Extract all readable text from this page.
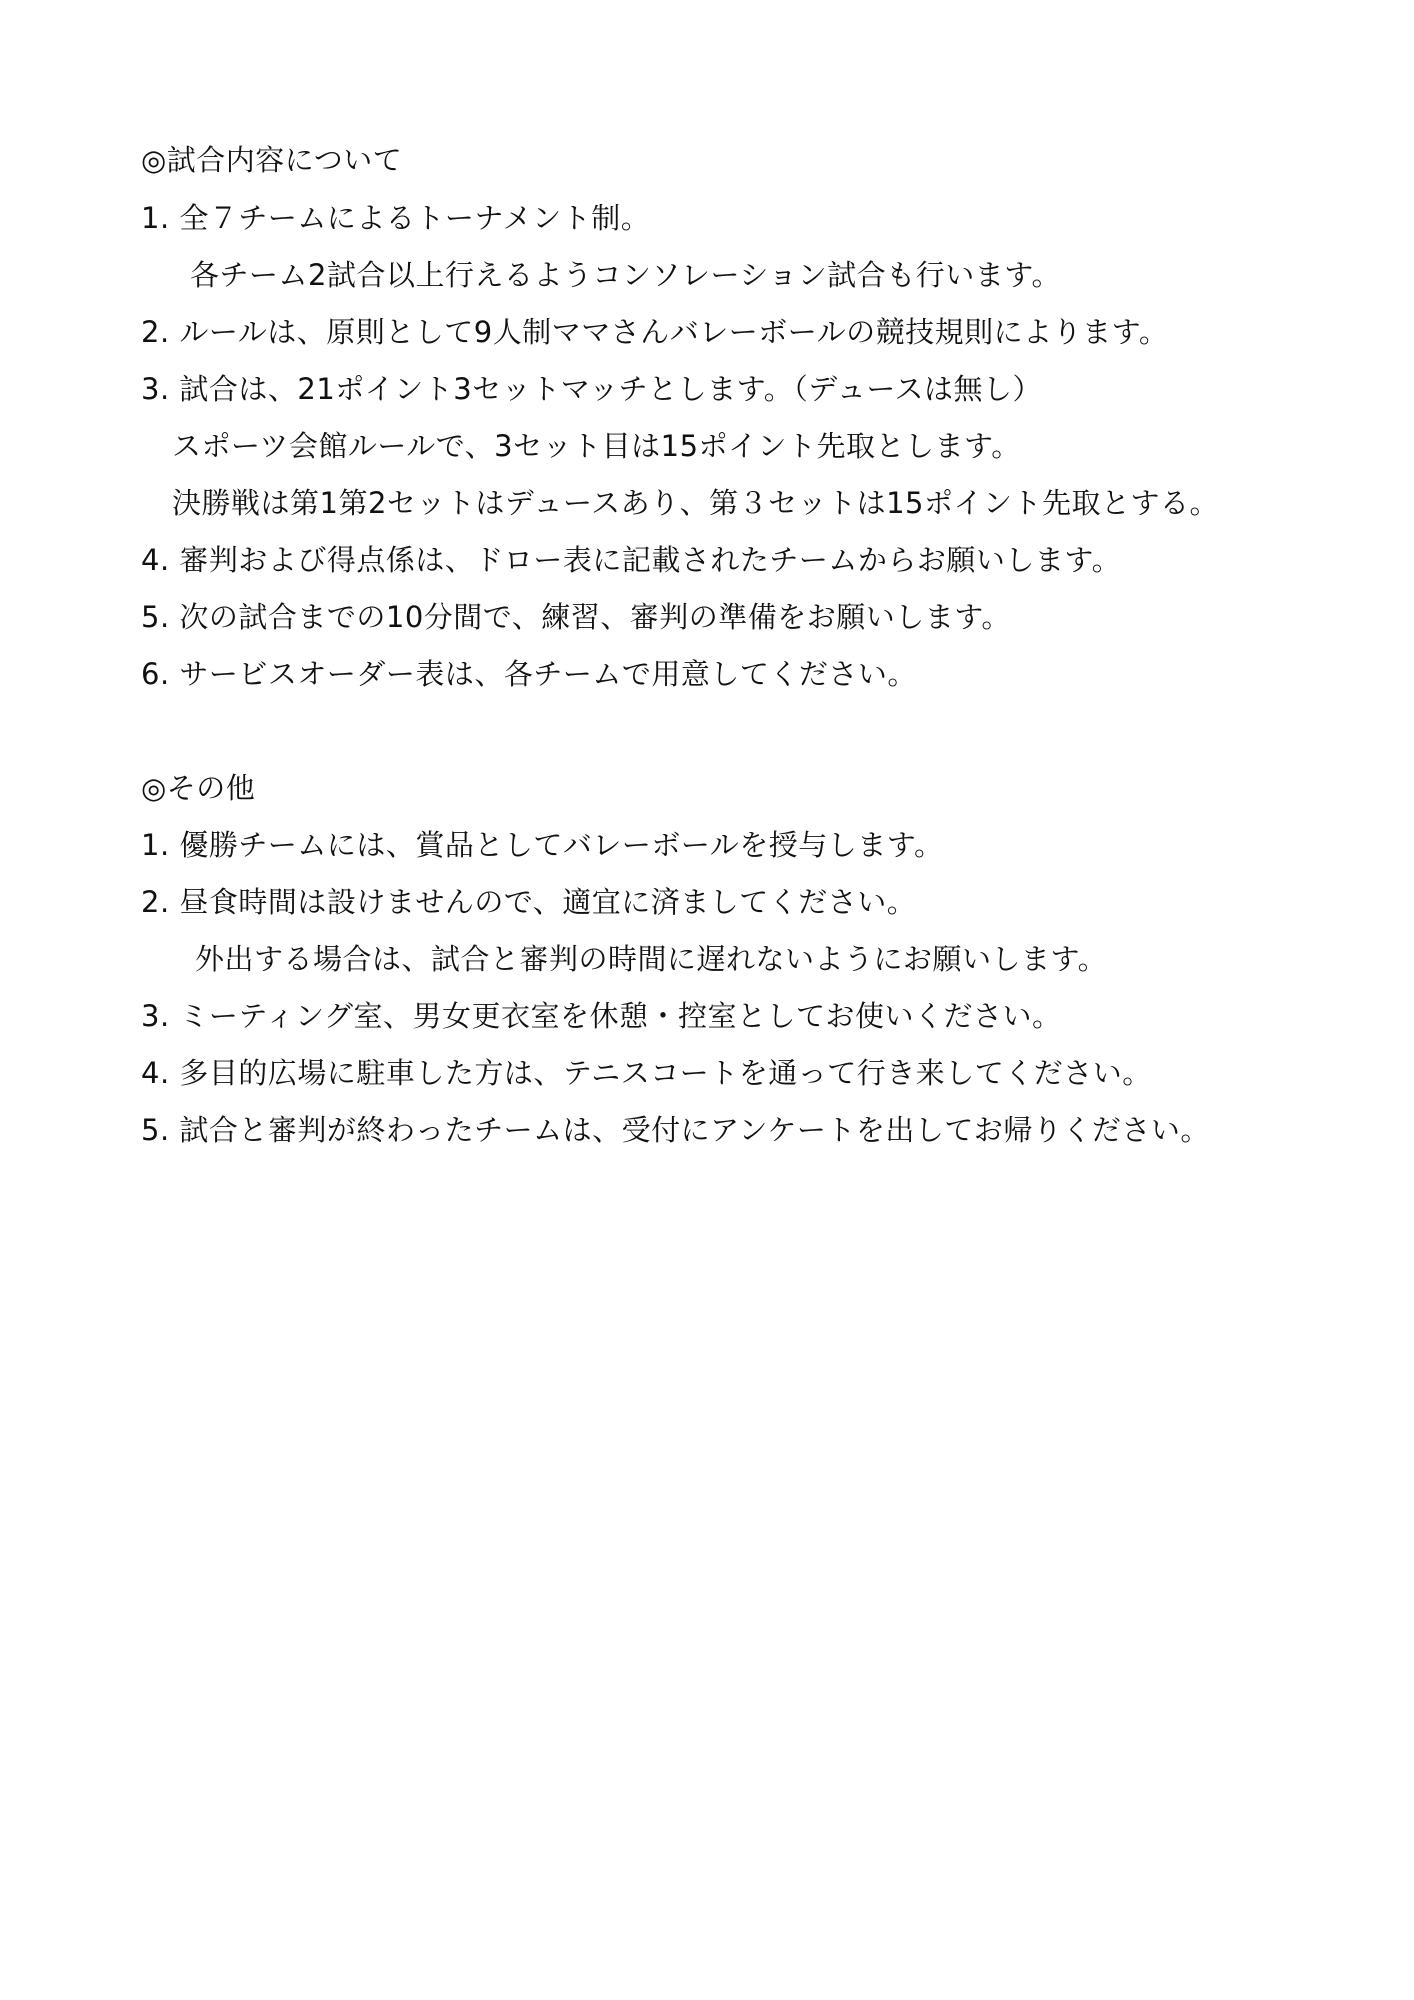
◎試合内容について
1. 全７チームによるトーナメント制。
各チーム2試合以上行えるようコンソレーション試合も行います。
2. ルールは、原則として9人制ママさんバレーボールの競技規則によります。
3. 試合は、21ポイント3セットマッチとします。（デュースは無し）
スポーツ会館ルールで、3セット目は15ポイント先取とします。
決勝戦は第1第2セットはデュースあり、第３セットは15ポイント先取とする。
4. 審判および得点係は、ドロー表に記載されたチームからお願いします。
5. 次の試合までの10分間で、練習、審判の準備をお願いします。
6. サービスオーダー表は、各チームで用意してください。
◎その他
1. 優勝チームには、賞品としてバレーボールを授与します。
2. 昼食時間は設けませんので、適宜に済ましてください。
外出する場合は、試合と審判の時間に遅れないようにお願いします。
3. ミーティング室、男女更衣室を休憩・控室としてお使いください。
4. 多目的広場に駐車した方は、テニスコートを通って行き来してください。
5. 試合と審判が終わったチームは、受付にアンケートを出してお帰りください。
